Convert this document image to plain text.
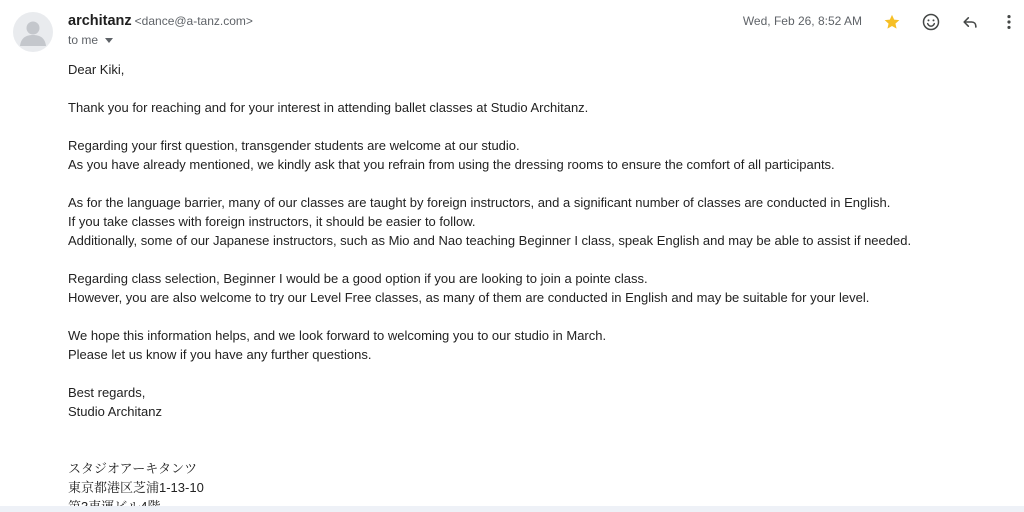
architanz <dance@a-tanz.com>
to me
Wed, Feb 26, 8:52 AM

Dear Kiki,

Thank you for reaching and for your interest in attending ballet classes at Studio Architanz.

Regarding your first question, transgender students are welcome at our studio.

As you have already mentioned, we kindly ask that you refrain from using the dressing rooms to ensure the comfort of all participants.

As for the language barrier, many of our classes are taught by foreign instructors, and a significant number of classes are conducted in English.

If you take classes with foreign instructors, it should be easier to follow.

Additionally, some of our Japanese instructors, such as Mio and Nao teaching Beginner I class, speak English and may be able to assist if needed.

Regarding class selection, Beginner I would be a good option if you are looking to join a pointe class.

However, you are also welcome to try our Level Free classes, as many of them are conducted in English and may be suitable for your level.

We hope this information helps, and we look forward to welcoming you to our studio in March.

Please let us know if you have any further questions.

Best regards,

Studio Architanz

スタジオアーキタンツ

東京都港区芝浦1-13-10
